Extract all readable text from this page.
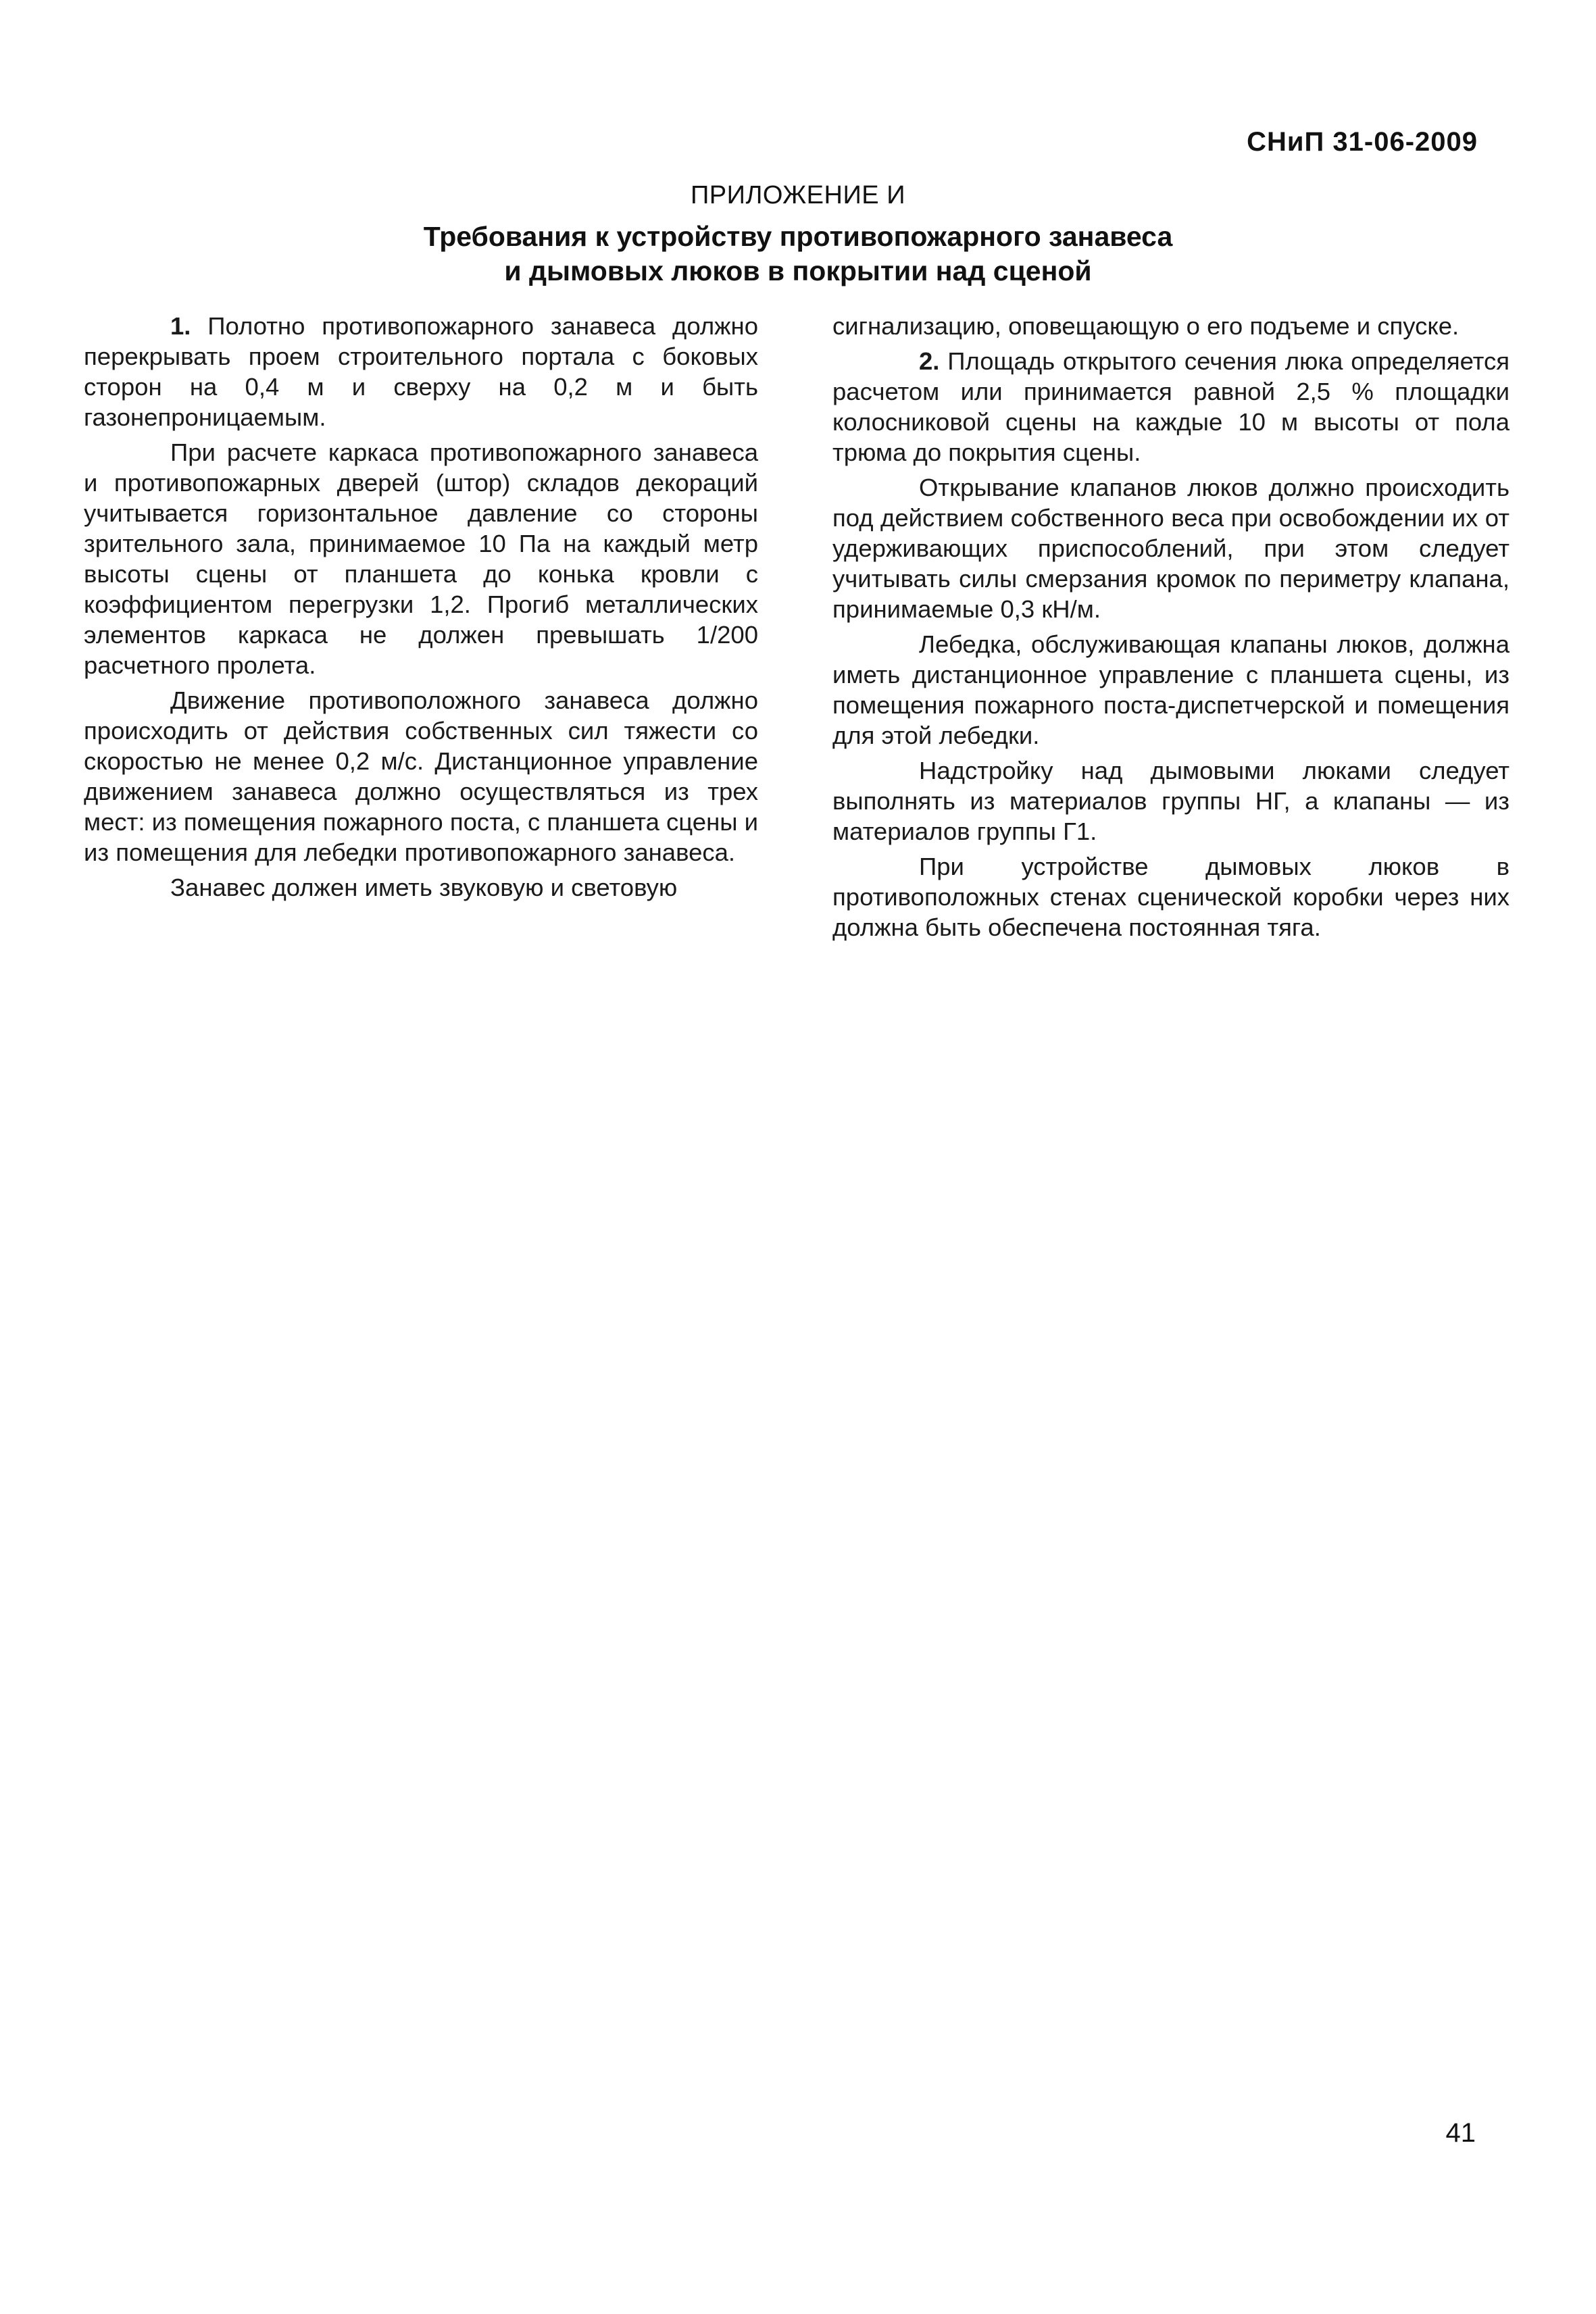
СНиП 31-06-2009
ПРИЛОЖЕНИЕ И
Требования к устройству противопожарного занавеса
и дымовых люков в покрытии над сценой

1. Полотно противопожарного занавеса должно перекрывать проем строительного портала с боковых сторон на 0,4 м и сверху на 0,2 м и быть газонепроницаемым.

При расчете каркаса противопожарного занавеса и противопожарных дверей (штор) складов декораций учитывается горизонтальное давление со стороны зрительного зала, принимаемое 10 Па на каждый метр высоты сцены от планшета до конька кровли с коэффициентом перегрузки 1,2. Прогиб металлических элементов каркаса не должен превышать 1/200 расчетного пролета.

Движение противоположного занавеса должно происходить от действия собственных сил тяжести со скоростью не менее 0,2 м/с. Дистанционное управление движением занавеса должно осуществляться из трех мест: из помещения пожарного поста, с планшета сцены и из помещения для лебедки противопожарного занавеса.

Занавес должен иметь звуковую и световую

сигнализацию, оповещающую о его подъеме и спуске.

2. Площадь открытого сечения люка определяется расчетом или принимается равной 2,5 % площадки колосниковой сцены на каждые 10 м высоты от пола трюма до покрытия сцены.

Открывание клапанов люков должно происходить под действием собственного веса при освобождении их от удерживающих приспособлений, при этом следует учитывать силы смерзания кромок по периметру клапана, принимаемые 0,3 кН/м.

Лебедка, обслуживающая клапаны люков, должна иметь дистанционное управление с планшета сцены, из помещения пожарного поста-диспетчерской и помещения для этой лебедки.

Надстройку над дымовыми люками следует выполнять из материалов группы НГ, а клапаны — из материалов группы Г1.

При устройстве дымовых люков в противоположных стенах сценической коробки через них должна быть обеспечена постоянная тяга.

41
